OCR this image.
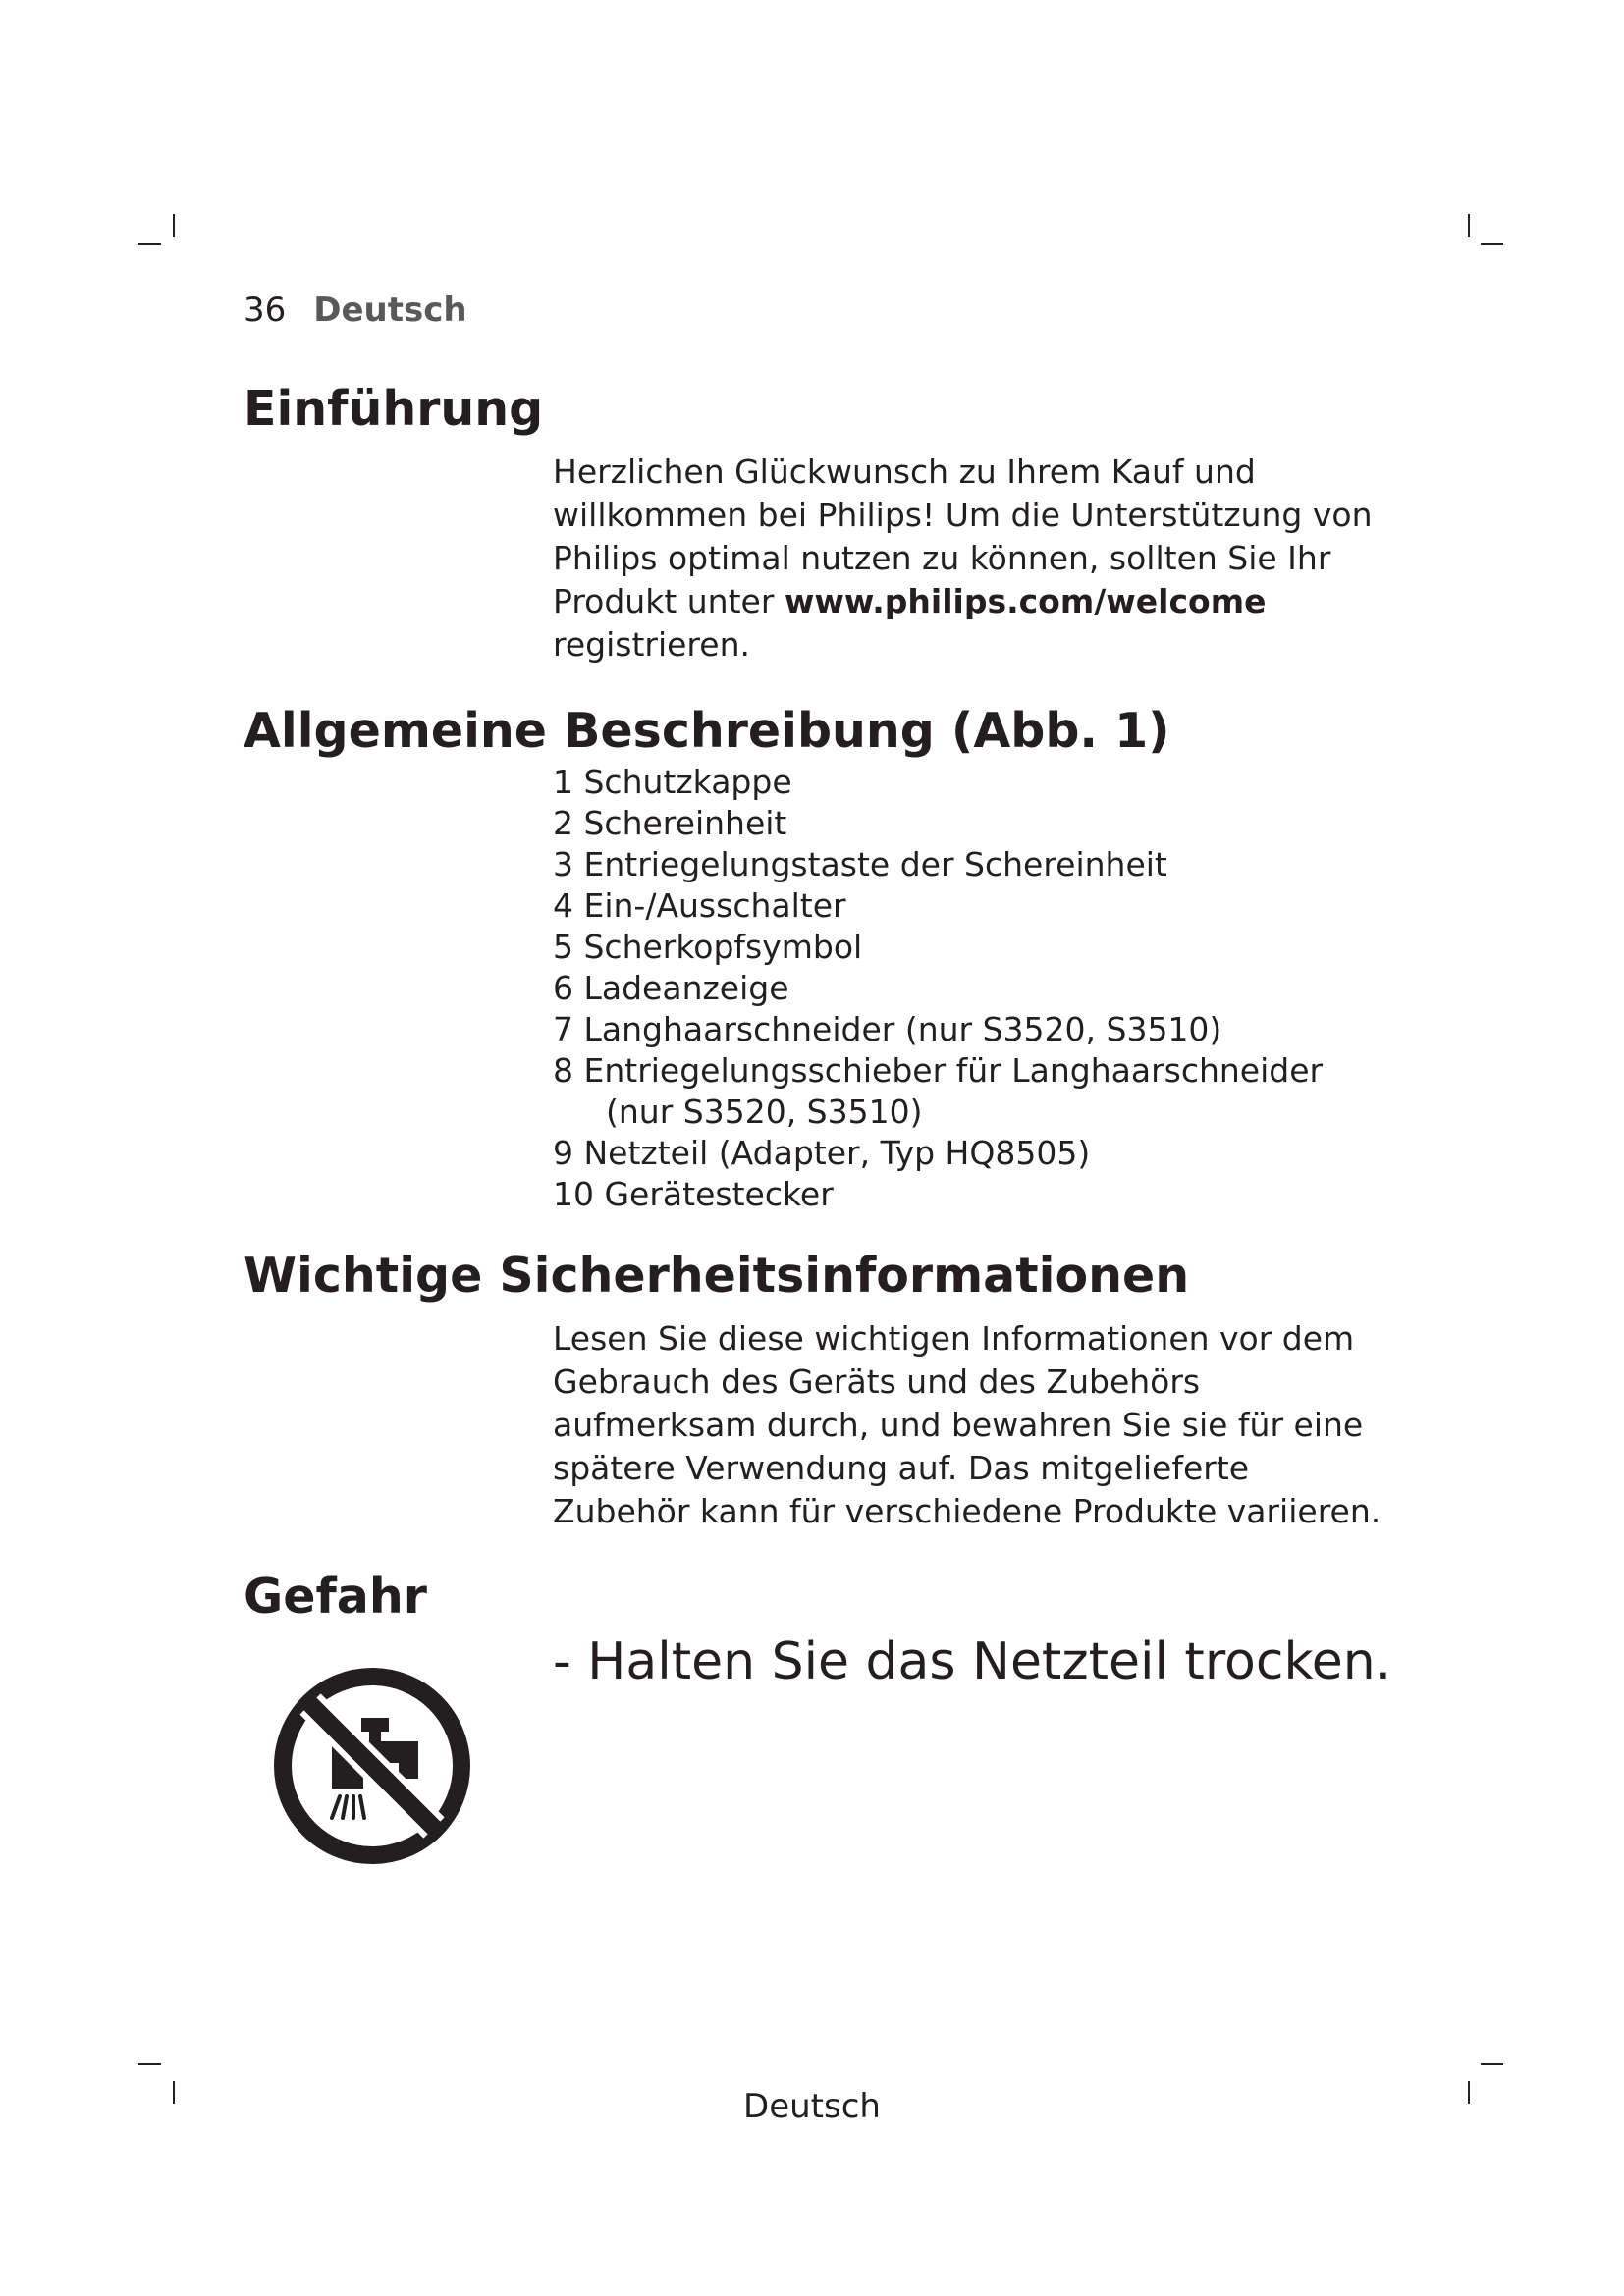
36 Deutsch
Einführung
Herzlichen Glückwunsch zu Ihrem Kauf und
willkommen bei Philips! Um die Unterstützung von
Philips optimal nutzen zu können, sollten Sie Ihr
Produkt unter www.philips.com/welcome
registrieren.
Allgemeine Beschreibung (Abb. 1)
1 Schutzkappe
2 Schereinheit
3 Entriegelungstaste der Schereinheit
4 Ein-/Ausschalter
5 Scherkopfsymbol
6 Ladeanzeige
7 Langhaarschneider (nur S3520, S3510)
8 Entriegelungsschieber für Langhaarschneider
(nur S3520, S3510)
9 Netzteil (Adapter, Typ HQ8505)
10 Gerätestecker
Wichtige Sicherheitsinformationen
Lesen Sie diese wichtigen Informationen vor dem
Gebrauch des Geräts und des Zubehörs
aufmerksam durch, und bewahren Sie sie für eine
spätere Verwendung auf. Das mitgelieferte
Zubehör kann für verschiedene Produkte variieren.
Gefahr
- Halten Sie das Netzteil trocken.
Deutsch
